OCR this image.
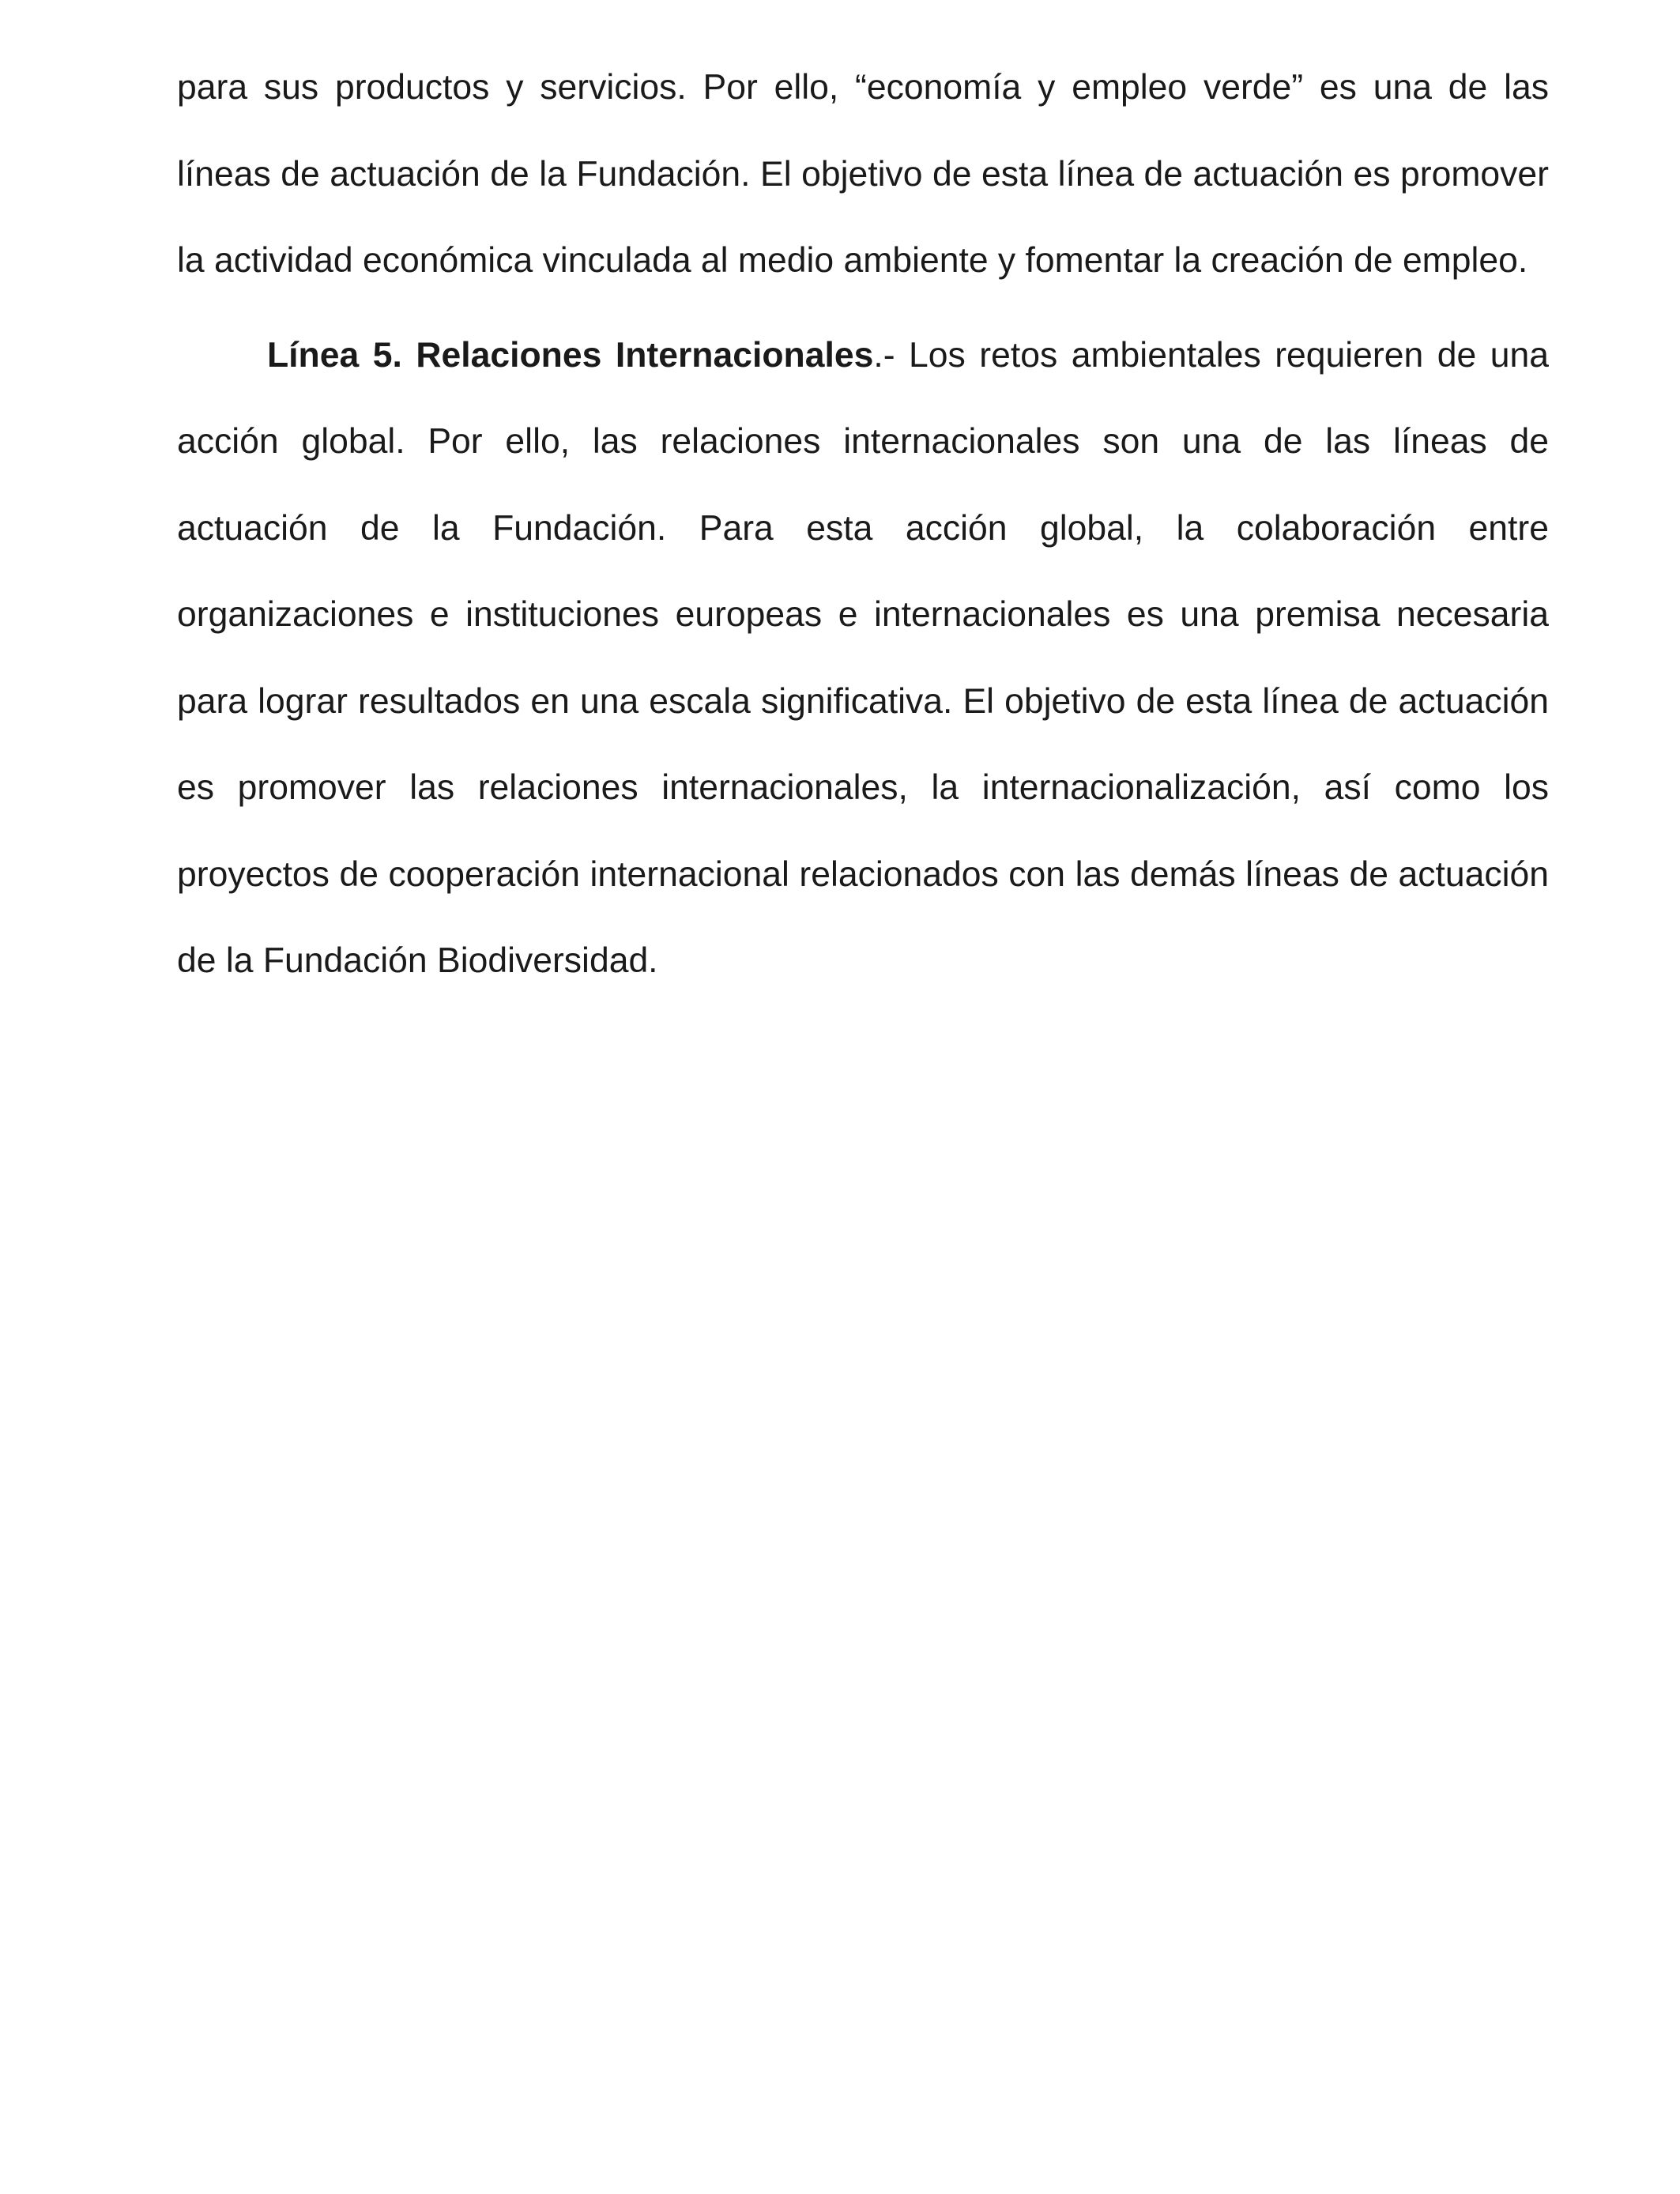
para sus productos y servicios. Por ello, “economía y empleo verde” es una de las líneas de actuación de la Fundación. El objetivo de esta línea de actuación es promover la actividad económica vinculada al medio ambiente y fomentar la creación de empleo.

Línea 5. Relaciones Internacionales.- Los retos ambientales requieren de una acción global. Por ello, las relaciones internacionales son una de las líneas de actuación de la Fundación. Para esta acción global, la colaboración entre organizaciones e instituciones europeas e internacionales es una premisa necesaria para lograr resultados en una escala significativa. El objetivo de esta línea de actuación es promover las relaciones internacionales, la internacionalización, así como los proyectos de cooperación internacional relacionados con las demás líneas de actuación de la Fundación Biodiversidad.
